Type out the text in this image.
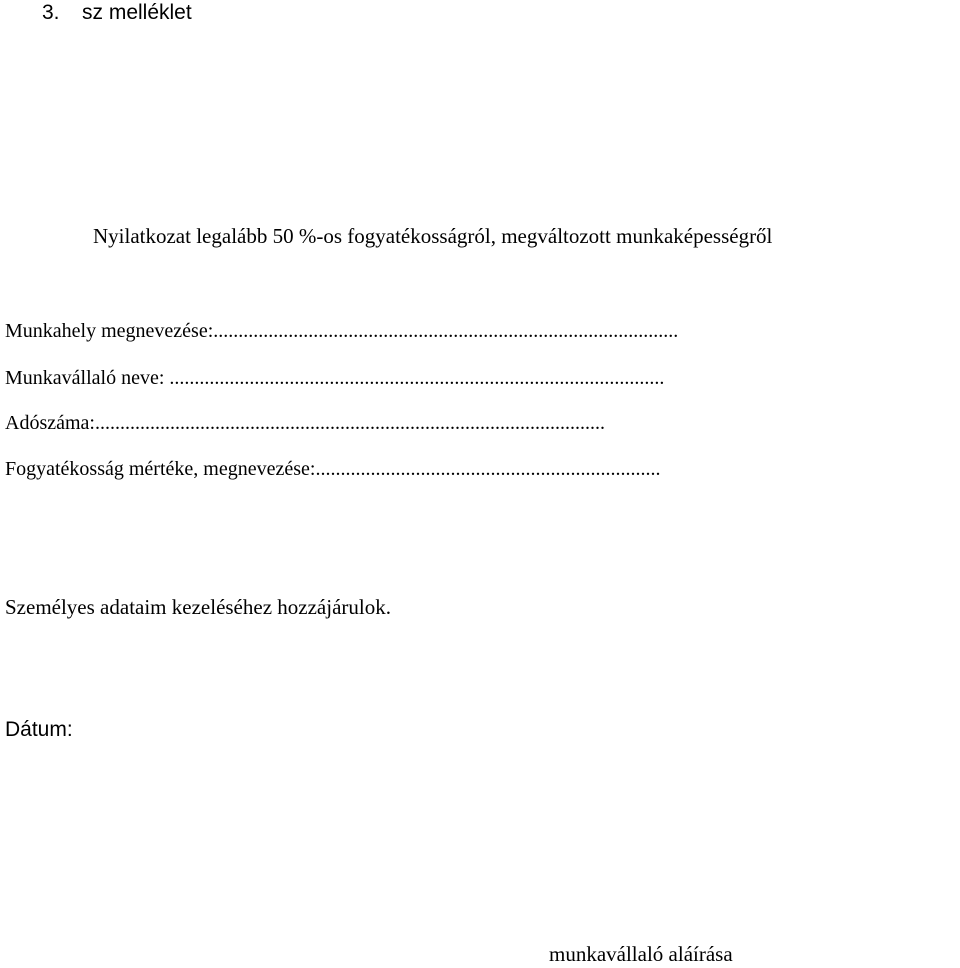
3. sz melléklet
Nyilatkozat legalább 50 %-os fogyatékosságról, megváltozott munkaképességről
Munkahely megnevezése:.............................................................................................
Munkavállaló neve: ...................................................................................................
Adószáma:......................................................................................................
Fogyatékosság mértéke, megnevezése:.....................................................................
Személyes adataim kezeléséhez hozzájárulok.
Dátum:
munkavállaló aláírása
